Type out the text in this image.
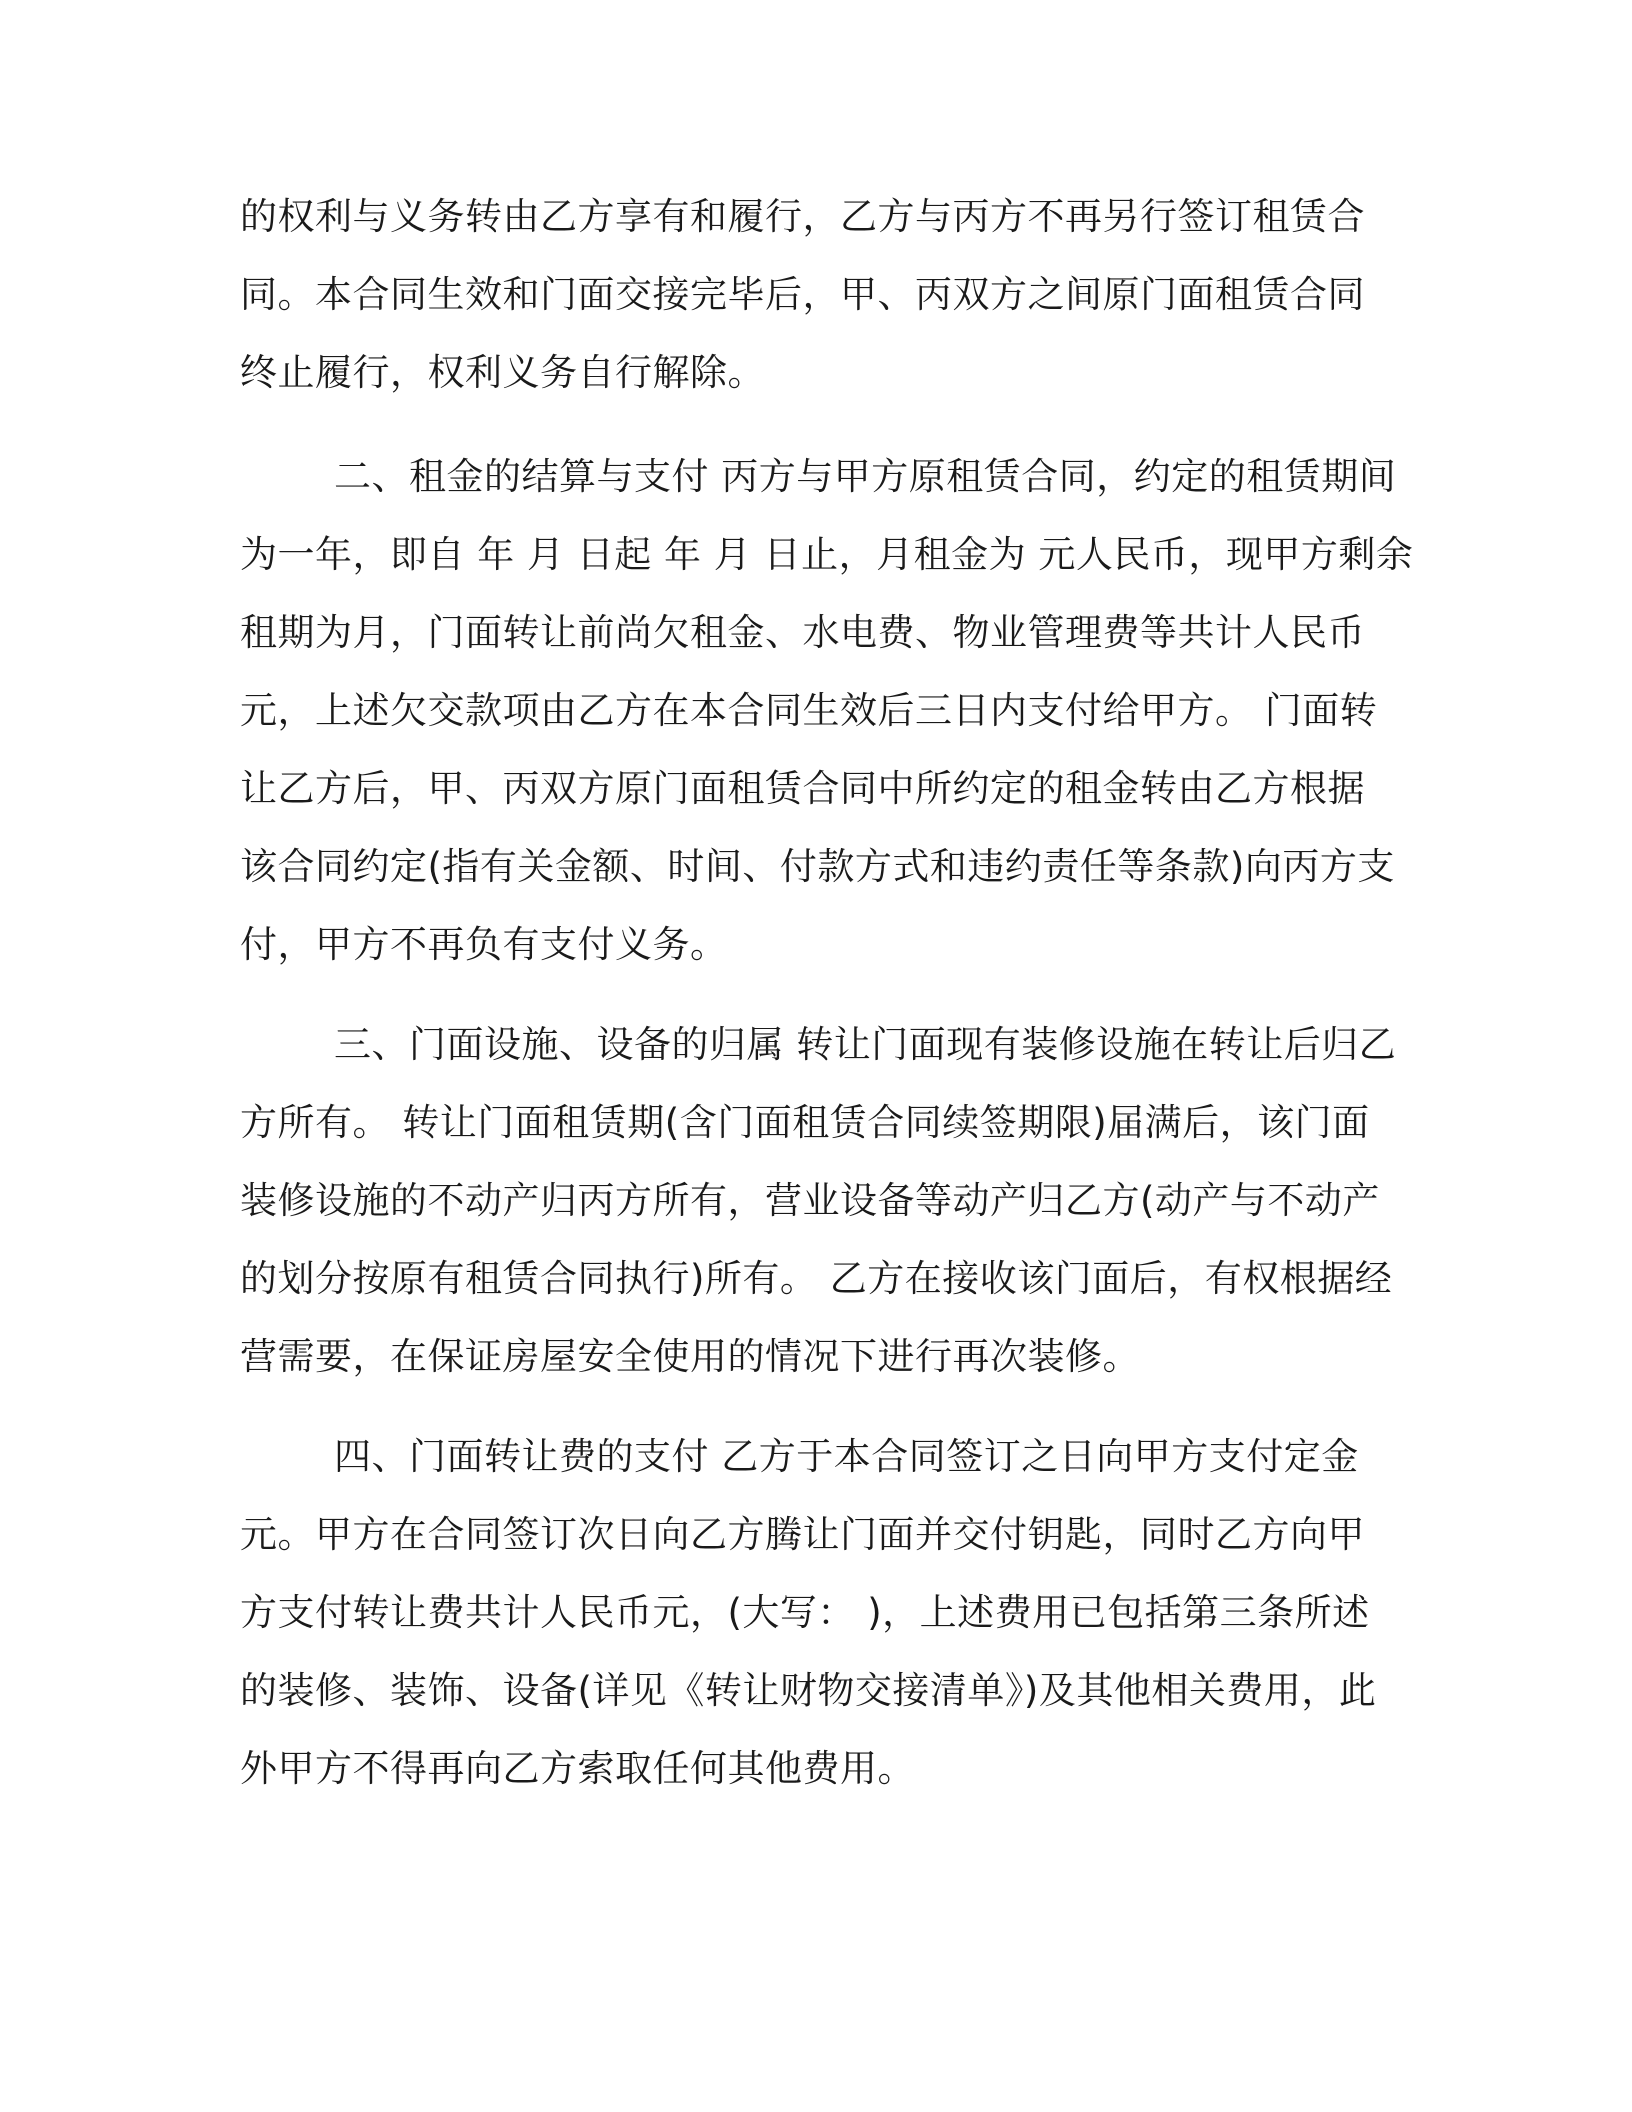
的权利与义务转由乙方享有和履行，乙方与丙方不再另行签订租赁合
同。本合同生效和门面交接完毕后，甲、丙双方之间原门面租赁合同
终止履行，权利义务自行解除。
二、租金的结算与支付 丙方与甲方原租赁合同，约定的租赁期间
为一年，即自 年 月 日起 年 月 日止，月租金为 元人民币，现甲方剩余
租期为月，门面转让前尚欠租金、水电费、物业管理费等共计人民币
元，上述欠交款项由乙方在本合同生效后三日内支付给甲方。 门面转
让乙方后，甲、丙双方原门面租赁合同中所约定的租金转由乙方根据
该合同约定(指有关金额、时间、付款方式和违约责任等条款)向丙方支
付，甲方不再负有支付义务。
三、门面设施、设备的归属 转让门面现有装修设施在转让后归乙
方所有。 转让门面租赁期(含门面租赁合同续签期限)届满后，该门面
装修设施的不动产归丙方所有，营业设备等动产归乙方(动产与不动产
的划分按原有租赁合同执行)所有。 乙方在接收该门面后，有权根据经
营需要，在保证房屋安全使用的情况下进行再次装修。
四、门面转让费的支付 乙方于本合同签订之日向甲方支付定金
元。甲方在合同签订次日向乙方腾让门面并交付钥匙，同时乙方向甲
方支付转让费共计人民币元，(大写： )，上述费用已包括第三条所述
的装修、装饰、设备(详见《转让财物交接清单》)及其他相关费用，此
外甲方不得再向乙方索取任何其他费用。
